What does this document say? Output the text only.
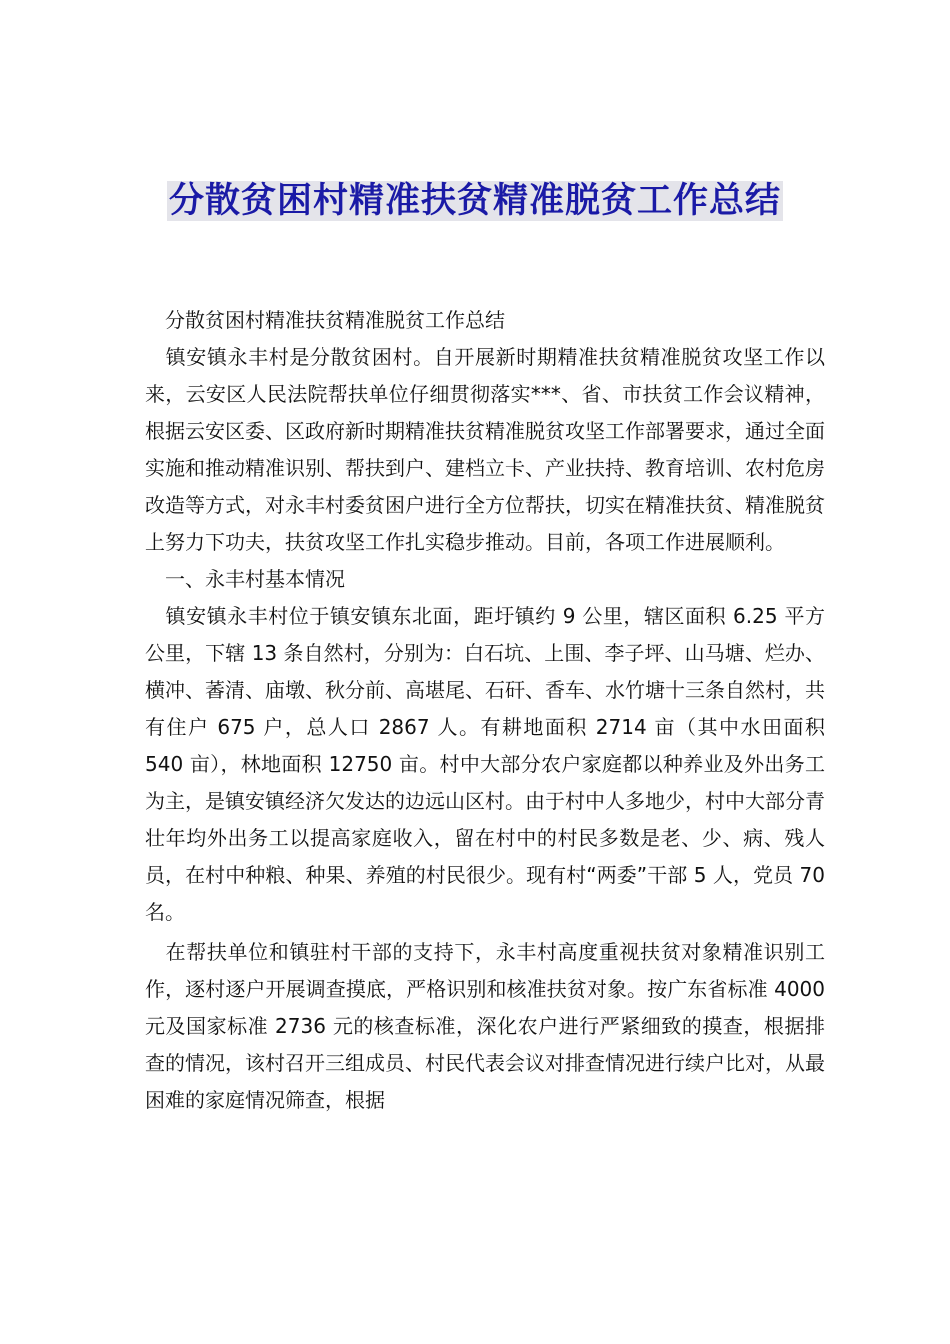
分散贫困村精准扶贫精准脱贫工作总结

　分散贫困村精准扶贫精准脱贫工作总结

　镇安镇永丰村是分散贫困村。自开展新时期精准扶贫精准脱贫攻坚工作以来，云安区人民法院帮扶单位仔细贯彻落实***、省、市扶贫工作会议精神，根据云安区委、区政府新时期精准扶贫精准脱贫攻坚工作部署要求，通过全面实施和推动精准识别、帮扶到户、建档立卡、产业扶持、教育培训、农村危房改造等方式，对永丰村委贫困户进行全方位帮扶，切实在精准扶贫、精准脱贫上努力下功夫，扶贫攻坚工作扎实稳步推动。目前，各项工作进展顺利。

　一、永丰村基本情况

　镇安镇永丰村位于镇安镇东北面，距圩镇约 9 公里，辖区面积 6.25 平方公里，下辖 13 条自然村，分别为：白石坑、上围、李子坪、山马塘、烂办、横冲、萫清、庙墩、秋分前、高堪尾、石矸、香车、水竹塘十三条自然村，共有住户 675 户，总人口 2867 人。有耕地面积 2714 亩（其中水田面积 540 亩），林地面积 12750 亩。村中大部分农户家庭都以种养业及外出务工为主，是镇安镇经济欠发达的边远山区村。由于村中人多地少，村中大部分青壮年均外出务工以提高家庭收入，留在村中的村民多数是老、少、病、残人员，在村中种粮、种果、养殖的村民很少。现有村“两委”干部 5 人，党员 70 名。

　在帮扶单位和镇驻村干部的支持下，永丰村高度重视扶贫对象精准识别工作，逐村逐户开展调查摸底，严格识别和核准扶贫对象。按广东省标准 4000 元及国家标准 2736 元的核查标准，深化农户进行严紧细致的摸查，根据排查的情况，该村召开三组成员、村民代表会议对排查情况进行续户比对，从最困难的家庭情况筛查，根据
